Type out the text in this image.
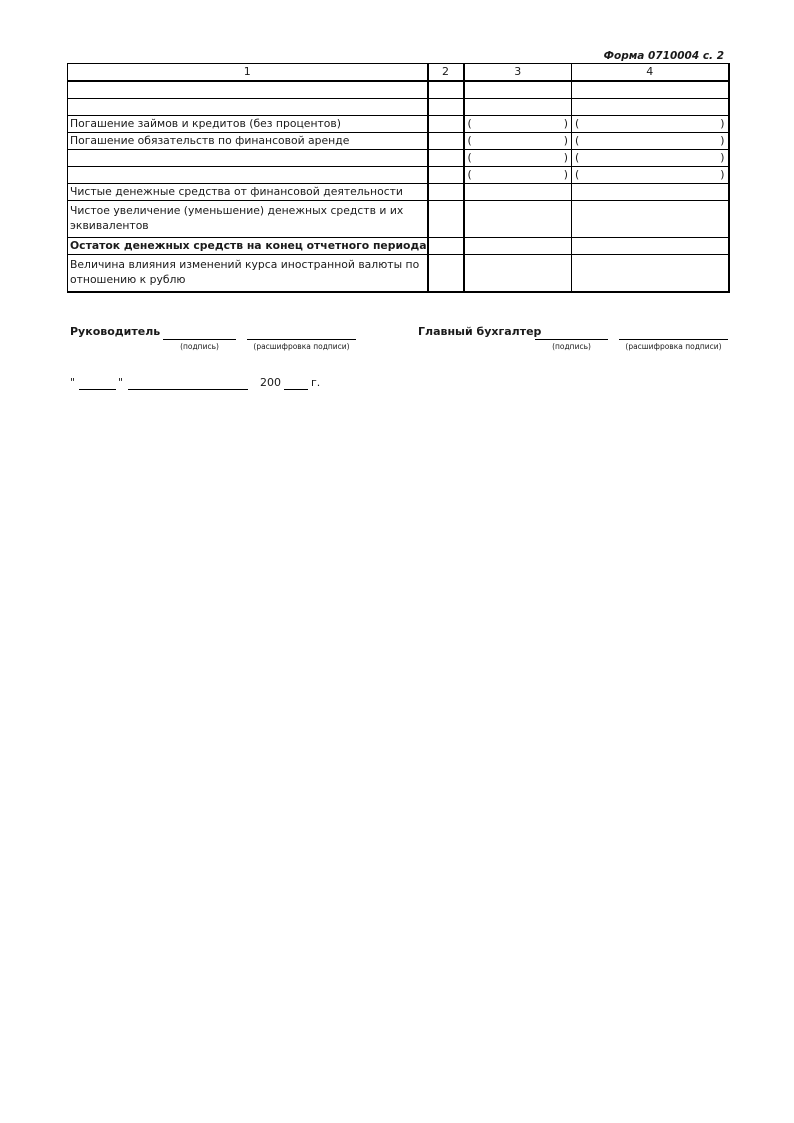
Форма 0710004 с. 2
1	2	3	4

Погашение займов и кредитов (без процентов)		( )	( )

Погашение обязательств по финансовой аренде		( )	( )

		( )	( )

		( )	( )

Чистые денежные средства от финансовой деятельности			
Чистое увеличение (уменьшение) денежных средств и их эквивалентов			
Остаток денежных средств на конец отчетного периода			
Величина влияния изменений курса иностранной валюты по отношению к рублю			
Руководитель
(подпись)	(расшифровка подписи)
Главный бухгалтер
(подпись)	(расшифровка подписи)
"	"	200	г.
